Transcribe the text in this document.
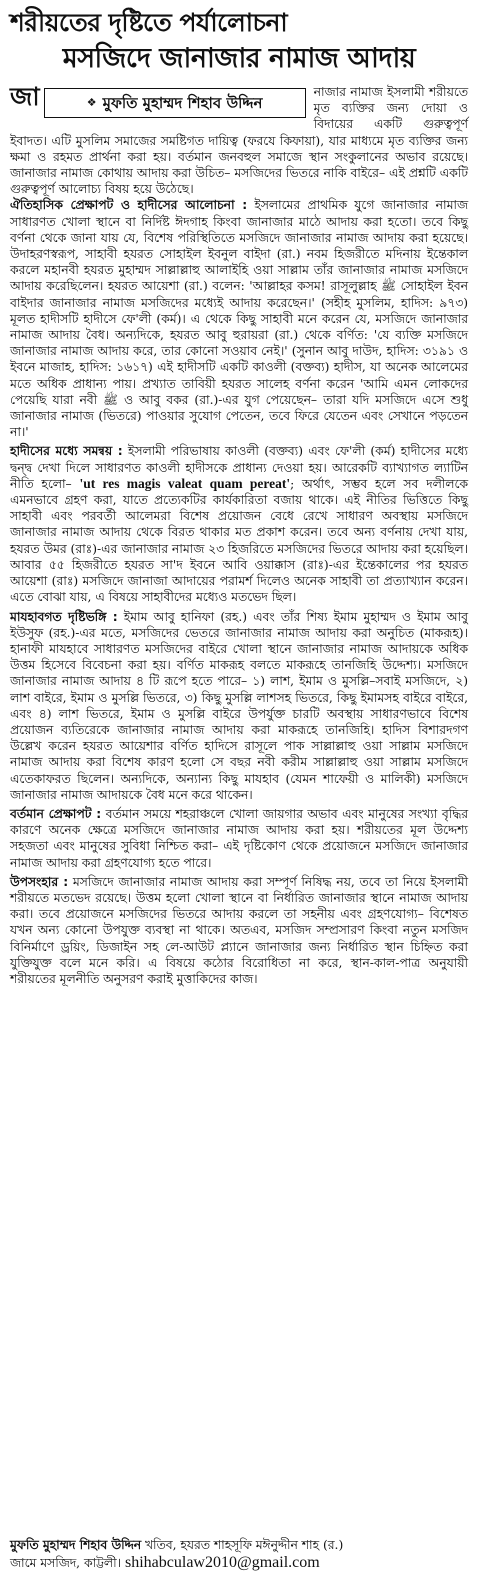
শরীয়তের দৃষ্টিতে পর্যালোচনা
মসজিদে জানাজার নামাজ আদায়
জা	❖ মুফতি মুহাম্মদ শিহাব উদ্দিন
নাজার নামাজ ইসলামী শরীয়তে মৃত ব্যক্তির জন্য দোয়া ও বিদায়ের একটি গুরুত্বপূর্ণ ইবাদত। এটি মুসলিম সমাজের সমষ্টিগত দায়িত্ব (ফরযে কিফায়া), যার মাধ্যমে মৃত ব্যক্তির জন্য ক্ষমা ও রহমত প্রার্থনা করা হয়। বর্তমান জনবহুল সমাজে স্থান সংকুলানের অভাব রয়েছে। জানাজার নামাজ কোথায় আদায় করা উচিত– মসজিদের ভিতরে নাকি বাইরে– এই প্রশ্নটি একটি গুরুত্বপূর্ণ আলোচ্য বিষয় হয়ে উঠেছে।

ঐতিহাসিক প্রেক্ষাপট ও হাদীসের আলোচনা : ইসলামের প্রাথমিক যুগে জানাজার নামাজ সাধারণত খোলা স্থানে বা নির্দিষ্ট ঈদগাহ কিংবা জানাজার মাঠে আদায় করা হতো। তবে কিছু বর্ণনা থেকে জানা যায় যে, বিশেষ পরিস্থিতিতে মসজিদে জানাজার নামাজ আদায় করা হয়েছে। উদাহরণস্বরূপ, সাহাবী হযরত সোহাইল ইবনুল বাইদা (রা.) নবম হিজরীতে মদিনায় ইন্তেকাল করলে মহানবী হযরত মুহাম্মদ সাল্লাল্লাহু আলাইহি ওয়া সাল্লাম তাঁর জানাজার নামাজ মসজিদে আদায় করেছিলেন। হযরত আয়েশা (রা.) বলেন: 'আল্লাহর কসম! রাসূলুল্লাহ ﷺ সোহাইল ইবন বাইদার জানাজার নামাজ মসজিদের মধ্যেই আদায় করেছেন।' (সহীহ মুসলিম, হাদিস: ৯৭৩) মূলত হাদীসটি হাদীসে ফে'লী (কর্ম)। এ থেকে কিছু সাহাবী মনে করেন যে, মসজিদে জানাজার নামাজ আদায় বৈধ। অন্যদিকে, হযরত আবু হুরায়রা (রা.) থেকে বর্ণিত: 'যে ব্যক্তি মসজিদে জানাজার নামাজ আদায় করে, তার কোনো সওয়াব নেই।' (সুনান আবু দাউদ, হাদিস: ৩১৯১ ও ইবনে মাজাহ, হাদিস: ১৬১৭) এই হাদীসটি একটি কাওলী (বক্তব্য) হাদীস, যা অনেক আলেমের মতে অধিক প্রাধান্য পায়। প্রখ্যাত তাবিয়ী হযরত সালেহ বর্ণনা করেন 'আমি এমন লোকদের পেয়েছি যারা নবী ﷺ ও আবু বকর (রা.)-এর যুগ পেয়েছেন– তারা যদি মসজিদে এসে শুধু জানাজার নামাজ (ভিতরে) পাওয়ার সুযোগ পেতেন, তবে ফিরে যেতেন এবং সেখানে পড়তেন না।'

হাদীসের মধ্যে সমন্বয় : ইসলামী পরিভাষায় কাওলী (বক্তব্য) এবং ফে'লী (কর্ম) হাদীসের মধ্যে দ্বন্দ্ব দেখা দিলে সাধারণত কাওলী হাদীসকে প্রাধান্য দেওয়া হয়। আরেকটি ব্যাখ্যাগত ল্যাটিন নীতি হলো– 'ut res magis valeat quam pereat'; অর্থাৎ, সম্ভব হলে সব দলীলকে এমনভাবে গ্রহণ করা, যাতে প্রত্যেকটির কার্যকারিতা বজায় থাকে। এই নীতির ভিত্তিতে কিছু সাহাবী এবং পরবর্তী আলেমরা বিশেষ প্রয়োজন বেধে রেখে সাধারণ অবস্থায় মসজিদে জানাজার নামাজ আদায় থেকে বিরত থাকার মত প্রকাশ করেন। তবে অন্য বর্ণনায় দেখা যায়, হযরত উমর (রাঃ)-এর জানাজার নামাজ ২৩ হিজরিতে মসজিদের ভিতরে আদায় করা হয়েছিল। আবার ৫৫ হিজরীতে হযরত সা'দ ইবনে আবি ওয়াক্কাস (রাঃ)-এর ইন্তেকালের পর হযরত আয়েশা (রাঃ) মসজিদে জানাজা আদায়ের পরামর্শ দিলেও অনেক সাহাবী তা প্রত্যাখ্যান করেন। এতে বোঝা যায়, এ বিষয়ে সাহাবীদের মধ্যেও মতভেদ ছিল।

মাযহাবগত দৃষ্টিভঙ্গি : ইমাম আবু হানিফা (রহ.) এবং তাঁর শিষ্য ইমাম মুহাম্মদ ও ইমাম আবু ইউসুফ (রহ.)-এর মতে, মসজিদের ভেতরে জানাজার নামাজ আদায় করা অনুচিত (মাকরূহ)। হানাফী মাযহাবে সাধারণত মসজিদের বাইরে খোলা স্থানে জানাজার নামাজ আদায়কে অধিক উত্তম হিসেবে বিবেচনা করা হয়। বর্ণিত মাকরূহ বলতে মাকরূহে তানজিহি উদ্দেশ্য। মসজিদে জানাজার নামাজ আদায় ৪ টি রূপে হতে পারে– ১) লাশ, ইমাম ও মুসল্লি–সবাই মসজিদে, ২) লাশ বাইরে, ইমাম ও মুসল্লি ভিতরে, ৩) কিছু মুসল্লি লাশসহ ভিতরে, কিছু ইমামসহ বাইরে বাইরে, এবং ৪) লাশ ভিতরে, ইমাম ও মুসল্লি বাইরে উপর্যুক্ত চারটি অবস্থায় সাধারণভাবে বিশেষ প্রয়োজন ব্যতিরেকে জানাজার নামাজ আদায় করা মাকরূহে তানজিহি। হাদিস বিশারদগণ উল্লেখ করেন হযরত আয়েশার বর্ণিত হাদিসে রাসূলে পাক সাল্লাল্লাহু ওয়া সাল্লাম মসজিদে নামাজ আদায় করা বিশেষ কারণ হলো সে বছর নবী করীম সাল্লাল্লাহু ওয়া সাল্লাম মসজিদে এতেকাফরত ছিলেন। অন্যদিকে, অন্যান্য কিছু মাযহাব (যেমন শাফেয়ী ও মালিকী) মসজিদে জানাজার নামাজ আদায়কে বৈধ মনে করে থাকেন।

বর্তমান প্রেক্ষাপট : বর্তমান সময়ে শহরাঞ্চলে খোলা জায়গার অভাব এবং মানুষের সংখ্যা বৃদ্ধির কারণে অনেক ক্ষেত্রে মসজিদে জানাজার নামাজ আদায় করা হয়। শরীয়তের মূল উদ্দেশ্য সহজতা এবং মানুষের সুবিধা নিশ্চিত করা– এই দৃষ্টিকোণ থেকে প্রয়োজনে মসজিদে জানাজার নামাজ আদায় করা গ্রহণযোগ্য হতে পারে।

উপসংহার : মসজিদে জানাজার নামাজ আদায় করা সম্পূর্ণ নিষিদ্ধ নয়, তবে তা নিয়ে ইসলামী শরীয়তে মতভেদ রয়েছে। উত্তম হলো খোলা স্থানে বা নির্ধারিত জানাজার স্থানে নামাজ আদায় করা। তবে প্রয়োজনে মসজিদের ভিতরে আদায় করলে তা সহনীয় এবং গ্রহণযোগ্য– বিশেষত যখন অন্য কোনো উপযুক্ত ব্যবস্থা না থাকে। অতএব, মসজিদ সম্প্রসারণ কিংবা নতুন মসজিদ বিনির্মাণে ড্রয়িং, ডিজাইন সহ লে-আউট প্ল্যানে জানাজার জন্য নির্ধারিত স্থান চিহ্নিত করা যুক্তিযুক্ত বলে মনে করি। এ বিষয়ে কঠোর বিরোধিতা না করে, স্থান-কাল-পাত্র অনুযায়ী শরীয়তের মূলনীতি অনুসরণ করাই মুত্তাকিদের কাজ।

মুফতি মুহাম্মদ শিহাব উদ্দিন খতিব, হযরত শাহসূফি মঈনুদ্দীন শাহ (র.)
জামে মসজিদ, কাট্টলী। shihabculaw2010@gmail.com
